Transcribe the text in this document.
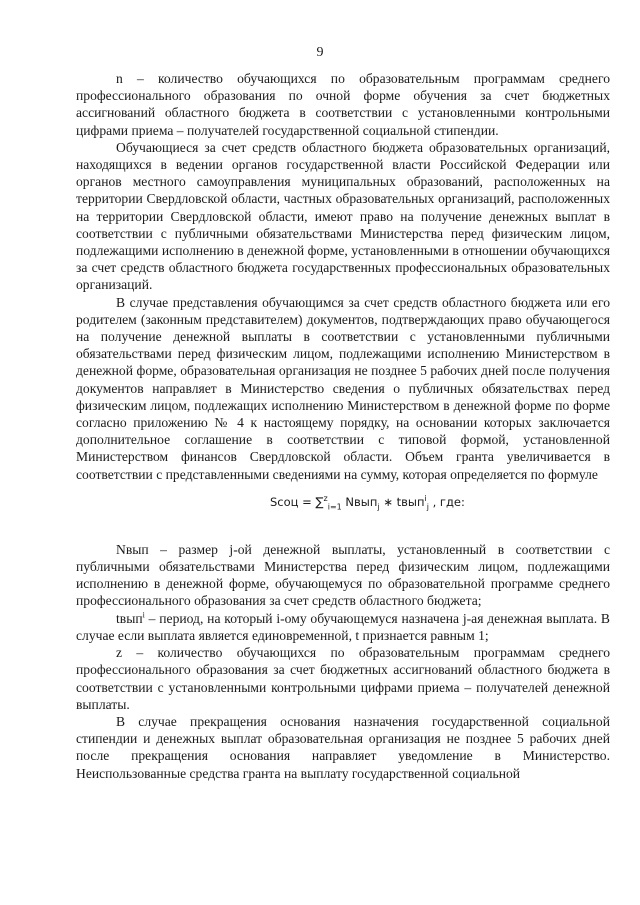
9

n – количество обучающихся по образовательным программам среднего профессионального образования по очной форме обучения за счет бюджетных ассигнований областного бюджета в соответствии с установленными контрольными цифрами приема – получателей государственной социальной стипендии.

Обучающиеся за счет средств областного бюджета образовательных организаций, находящихся в ведении органов государственной власти Российской Федерации или органов местного самоуправления муниципальных образований, расположенных на территории Свердловской области, частных образовательных организаций, расположенных на территории Свердловской области, имеют право на получение денежных выплат в соответствии с публичными обязательствами Министерства перед физическим лицом, подлежащими исполнению в денежной форме, установленными в отношении обучающихся за счет средств областного бюджета государственных профессиональных образовательных организаций.

В случае представления обучающимся за счет средств областного бюджета или его родителем (законным представителем) документов, подтверждающих право обучающегося на получение денежной выплаты в соответствии с установленными публичными обязательствами перед физическим лицом, подлежащими исполнению Министерством в денежной форме, образовательная организация не позднее 5 рабочих дней после получения документов направляет в Министерство сведения о публичных обязательствах перед физическим лицом, подлежащих исполнению Министерством в денежной форме по форме согласно приложению № 4 к настоящему порядку, на основании которых заключается дополнительное соглашение в соответствии с типовой формой, установленной Министерством финансов Свердловской области. Объем гранта увеличивается в соответствии с представленными сведениями на сумму, которая определяется по формуле

Sсоц = ∑$^z_{i=1}$ Nвып$_j$ ∗ tвып$^i_j$ , где:

Nвып – размер j-ой денежной выплаты, установленный в соответствии с публичными обязательствами Министерства перед физическим лицом, подлежащими исполнению в денежной форме, обучающемуся по образовательной программе среднего профессионального образования за счет средств областного бюджета;

tвып$^i$ – период, на который i-ому обучающемуся назначена j-ая денежная выплата. В случае если выплата является единовременной, t признается равным 1;

z – количество обучающихся по образовательным программам среднего профессионального образования за счет бюджетных ассигнований областного бюджета в соответствии с установленными контрольными цифрами приема – получателей денежной выплаты.

В случае прекращения основания назначения государственной социальной стипендии и денежных выплат образовательная организация не позднее 5 рабочих дней после прекращения основания направляет уведомление в Министерство. Неиспользованные средства гранта на выплату государственной социальной
